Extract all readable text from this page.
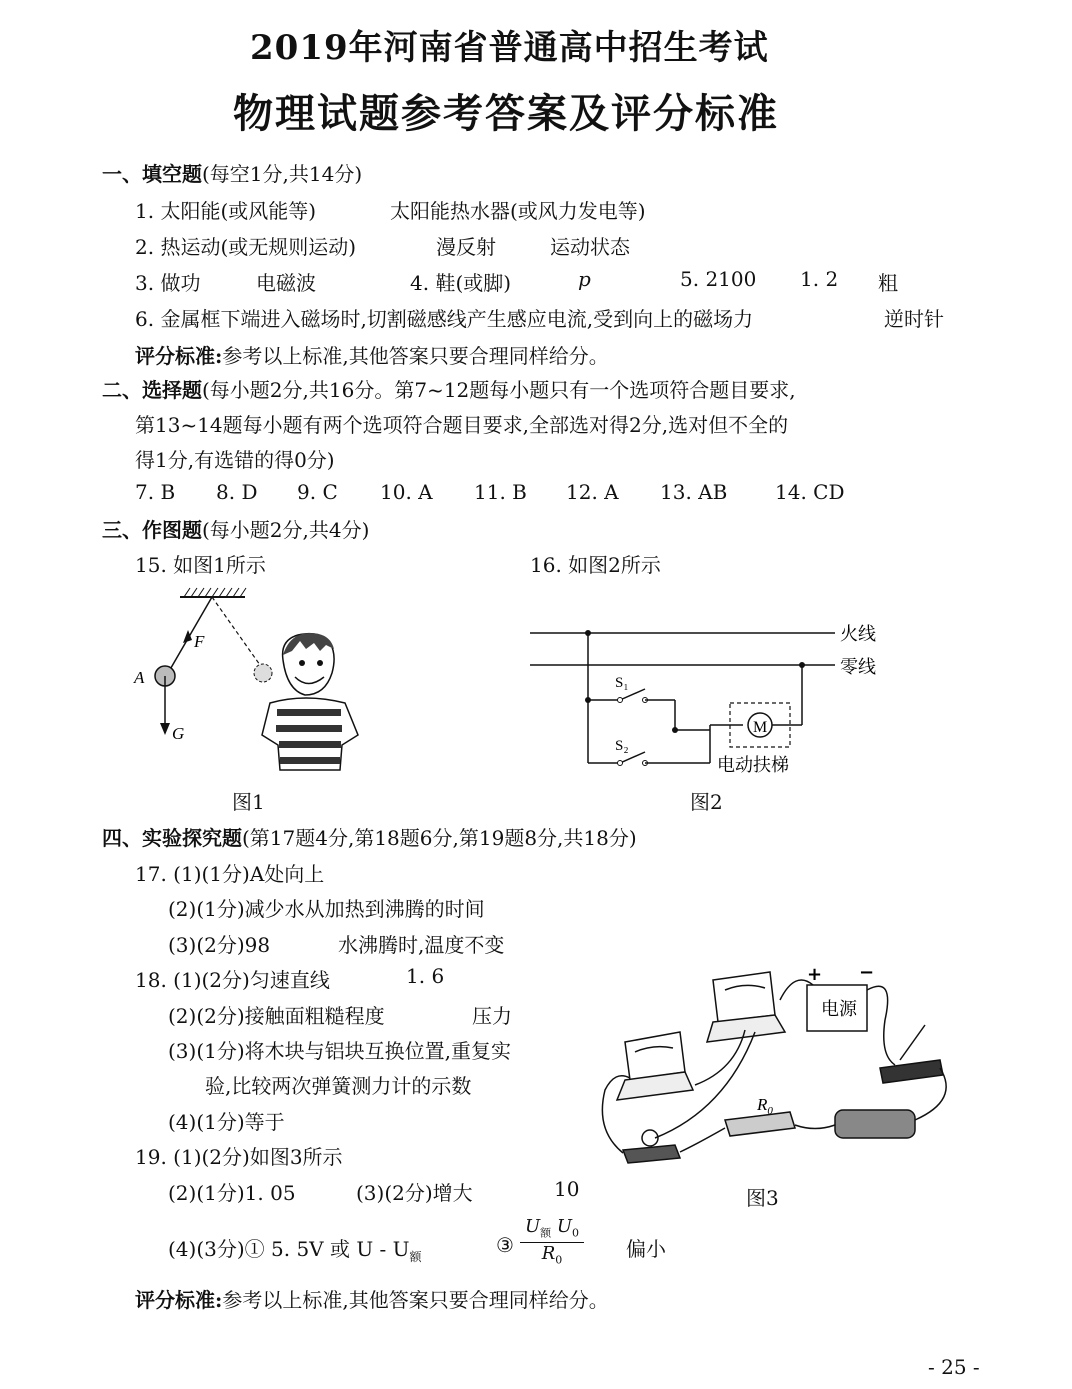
2019年河南省普通高中招生考试
物理试题参考答案及评分标准
一、填空题(每空1分,共14分)
1. 太阳能(或风能等)	太阳能热水器(或风力发电等)
2. 热运动(或无规则运动)	漫反射	运动状态
3. 做功	电磁波	4. 鞋(或脚)	p	5. 2100 1. 2 粗
6. 金属框下端进入磁场时,切割磁感线产生感应电流,受到向上的磁场力	逆时针
评分标准:参考以上标准,其他答案只要合理同样给分。
二、选择题(每小题2分,共16分。第7~12题每小题只有一个选项符合题目要求,
第13~14题每小题有两个选项符合题目要求,全部选对得2分,选对但不全的
得1分,有选错的得0分)
7. B 8. D 9. C 10. A 11. B 12. A 13. AB 14. CD
三、作图题(每小题2分,共4分)
15. 如图1所示	16. 如图2所示
F
A
G
图1
M
S₁
S₂
火线
零线
电动扶梯
图2
四、实验探究题(第17题4分,第18题6分,第19题8分,共18分)
17. (1)(1分)A处向上
(2)(1分)减少水从加热到沸腾的时间
(3)(2分)98	水沸腾时,温度不变
18. (1)(2分)匀速直线	1. 6
(2)(2分)接触面粗糙程度	压力
(3)(1分)将木块与铝块互换位置,重复实
验,比较两次弹簧测力计的示数
(4)(1分)等于
19. (1)(2分)如图3所示
(2)(1分)1. 05	(3)(2分)增大	10
(4)(3分)① 5. 5V 或 U - $U_额$	③
$U_额$ $U_0$
$R_0$	偏小
电源
+ −
$R_0$
图3
评分标准:参考以上标准,其他答案只要合理同样给分。
- 25 -
